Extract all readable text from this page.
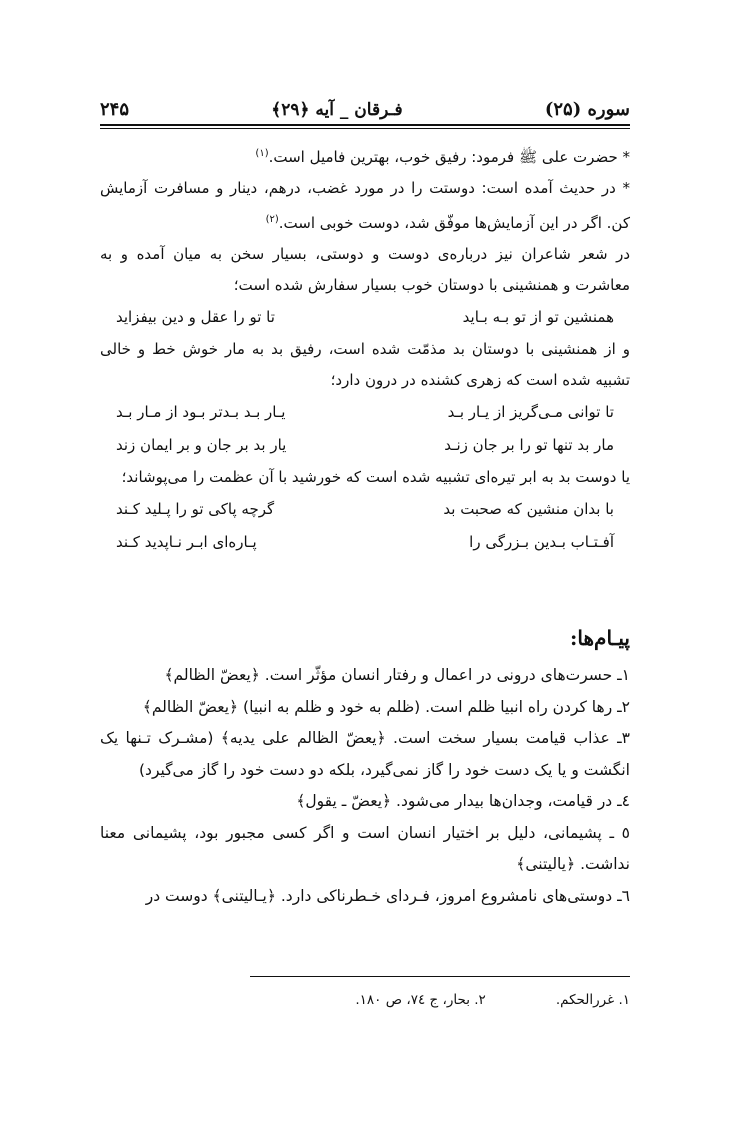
سوره (۲۵)
فـرقان _ آیه ﴿۲۹﴾
۲۴۵

* حضرت علی ﷺ فرمود: رفیق خوب، بهترین فامیل است.$^{(۱)}$

* در حدیث آمده است: دوستت را در مورد غضب، درهم، دینار و مسافرت آزمایش کن. اگر در این آزمایش‌ها موفّق شد، دوست خوبی است.$^{(۲)}$

در شعر شاعران نیز درباره‌ی دوست و دوستی، بسیار سخن به میان آمده و به معاشرت و همنشینی با دوستان خوب بسیار سفارش شده است؛

همنشین تو از تو بـه بـاید
تا تو را عقل و دین بیفزاید

و از همنشینی با دوستان بد مذمّت شده است، رفیق بد به مار خوش خط و خالی تشبیه شده است که زهری کشنده در درون دارد؛

تا توانی مـی‌گریز از یـار بـد
یـار بـد بـدتر بـود از مـار بـد
مار بد تنها تو را بر جان زنـد
یار بد بر جان و بر ایمان زند

یا دوست بد به ابر تیره‌ای تشبیه شده است که خورشید با آن عظمت را می‌پوشاند؛

با بدان منشین که صحبت بد
گرچه پاکی تو را پـلید کـند
آفـتـاب بـدین بـزرگی را
پـاره‌ای ابـر نـاپدید کـند
پیـام‌ها:

۱ـ حسرت‌های درونی در اعمال و رفتار انسان مؤثّر است. ﴿یعضّ الظالم﴾

۲ـ رها کردن راه انبیا ظلم است. (ظلم به خود و ظلم به انبیا) ﴿یعضّ الظالم﴾

۳ـ عذاب قیامت بسیار سخت است. ﴿یعضّ الظالم علی یدیه﴾ (مشـرک تـنها یک انگشت و یا یک دست خود را گاز نمی‌گیرد، بلکه دو دست خود را گاز می‌گیرد)

٤ـ در قیامت، وجدان‌ها بیدار می‌شود. ﴿یعضّ ـ یقول﴾

٥ ـ پشیمانی، دلیل بر اختیار انسان است و اگر کسی مجبور بود، پشیمانی معنا نداشت. ﴿یالیتنی﴾

٦ـ دوستی‌های نامشروع امروز، فـردای خـطرناکی دارد. ﴿یـالیتنی﴾ دوست در

۱. غررالحکم.
۲. بحار، ج ۷٤، ص ۱۸۰.
